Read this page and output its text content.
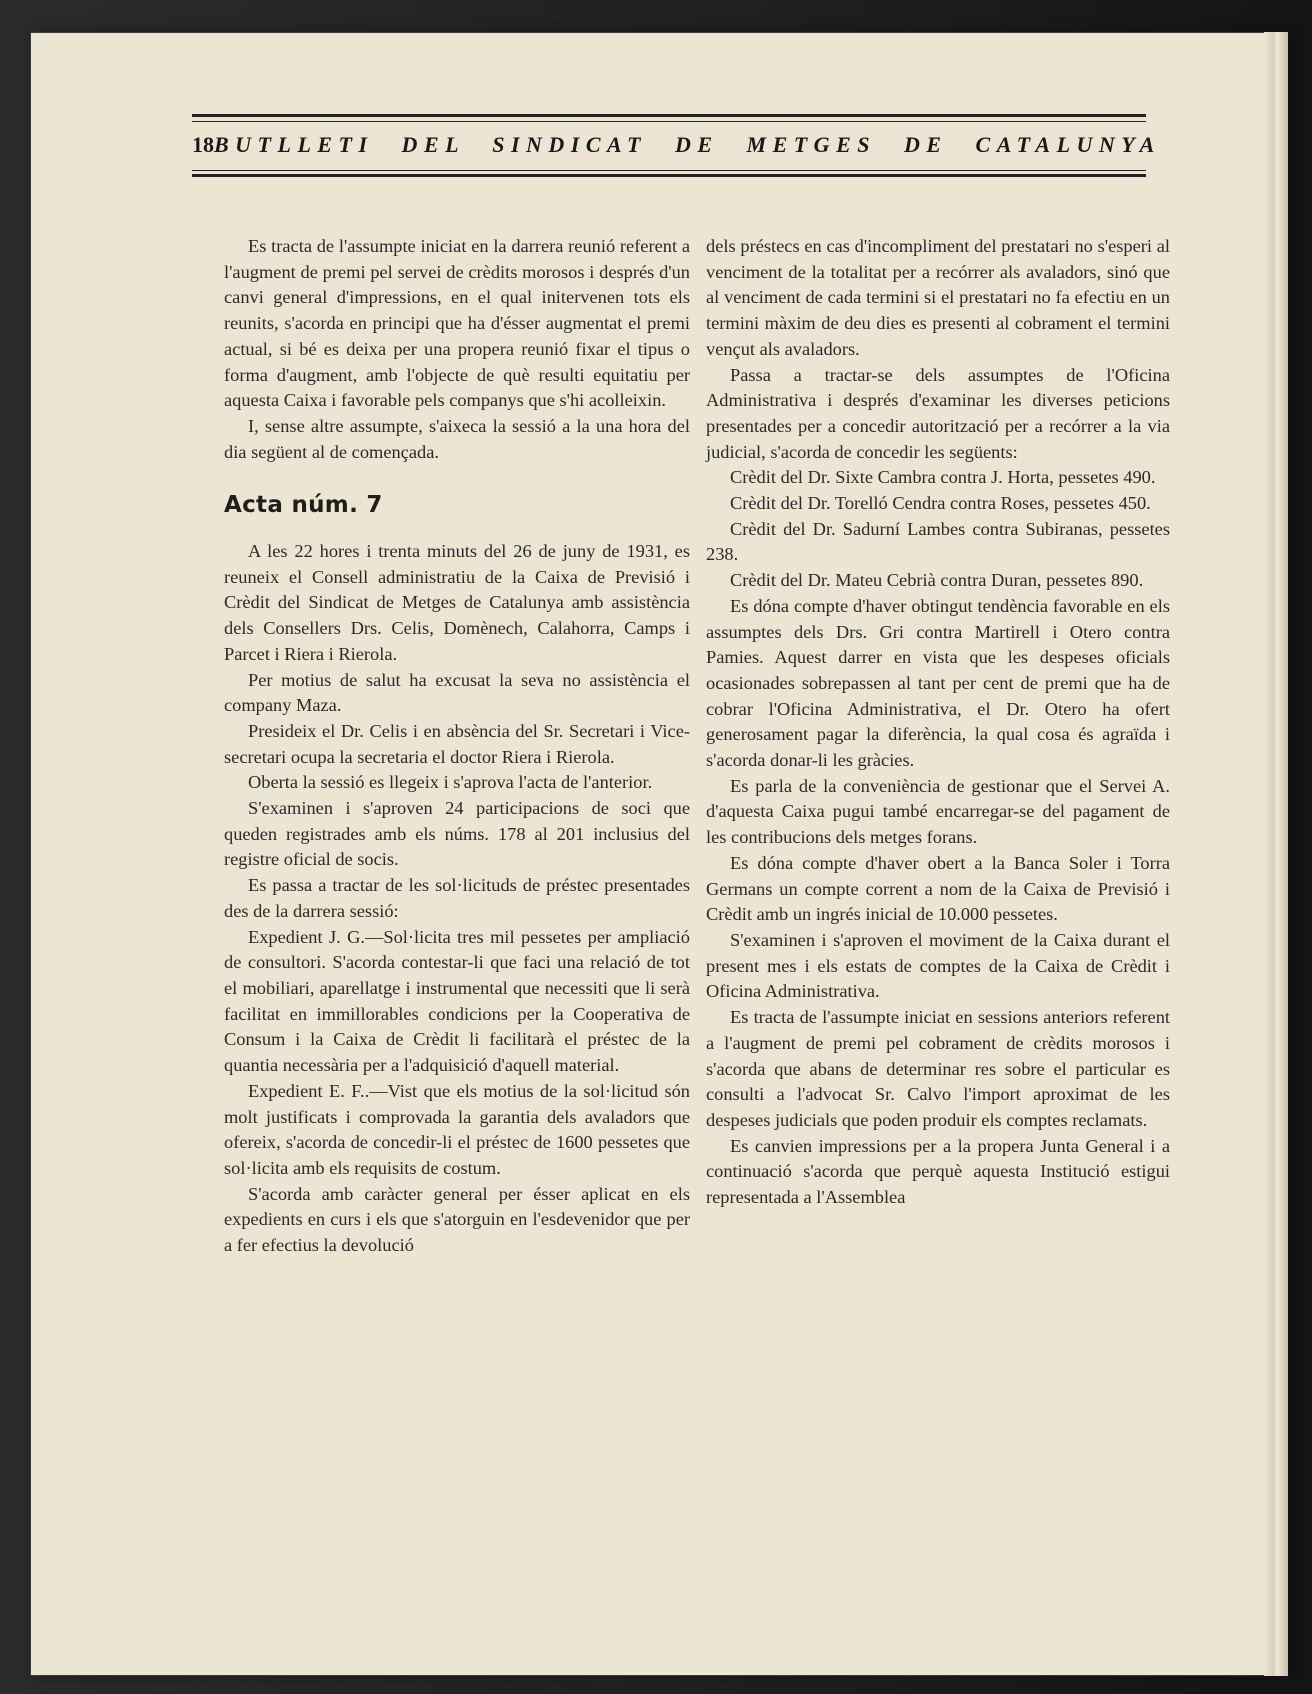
18 BUTLLETI DEL SINDICAT DE METGES DE CATALUNYA

Es tracta de l'assumpte iniciat en la darrera reunió referent a l'augment de premi pel servei de crèdits morosos i després d'un canvi general d'impressions, en el qual initervenen tots els reunits, s'acorda en principi que ha d'ésser augmentat el premi actual, si bé es deixa per una propera reunió fixar el tipus o forma d'augment, amb l'objecte de què resulti equitatiu per aquesta Caixa i favorable pels companys que s'hi acolleixin.

I, sense altre assumpte, s'aixeca la sessió a la una hora del dia següent al de començada.

Acta núm. 7

A les 22 hores i trenta minuts del 26 de juny de 1931, es reuneix el Consell administratiu de la Caixa de Previsió i Crèdit del Sindicat de Metges de Catalunya amb assistència dels Consellers Drs. Celis, Domènech, Calahorra, Camps i Parcet i Riera i Rierola.

Per motius de salut ha excusat la seva no assistència el company Maza.

Presideix el Dr. Celis i en absència del Sr. Secretari i Vice-secretari ocupa la secretaria el doctor Riera i Rierola.

Oberta la sessió es llegeix i s'aprova l'acta de l'anterior.

S'examinen i s'aproven 24 participacions de soci que queden registrades amb els núms. 178 al 201 inclusius del registre oficial de socis.

Es passa a tractar de les sol·licituds de préstec presentades des de la darrera sessió:

Expedient J. G.—Sol·licita tres mil pessetes per ampliació de consultori. S'acorda contestar-li que faci una relació de tot el mobiliari, aparellatge i instrumental que necessiti que li serà facilitat en immillorables condicions per la Cooperativa de Consum i la Caixa de Crèdit li facilitarà el préstec de la quantia necessària per a l'adquisició d'aquell material.

Expedient E. F..—Vist que els motius de la sol·licitud són molt justificats i comprovada la garantia dels avaladors que ofereix, s'acorda de concedir-li el préstec de 1600 pessetes que sol·licita amb els requisits de costum.

S'acorda amb caràcter general per ésser aplicat en els expedients en curs i els que s'atorguin en l'esdevenidor que per a fer efectius la devolució

dels préstecs en cas d'incompliment del prestatari no s'esperi al venciment de la totalitat per a recórrer als avaladors, sinó que al venciment de cada termini si el prestatari no fa efectiu en un termini màxim de deu dies es presenti al cobrament el termini vençut als avaladors.

Passa a tractar-se dels assumptes de l'Oficina Administrativa i després d'examinar les diverses peticions presentades per a concedir autorització per a recórrer a la via judicial, s'acorda de concedir les següents:

Crèdit del Dr. Sixte Cambra contra J. Horta, pessetes 490.

Crèdit del Dr. Torelló Cendra contra Roses, pessetes 450.

Crèdit del Dr. Sadurní Lambes contra Subiranas, pessetes 238.

Crèdit del Dr. Mateu Cebrià contra Duran, pessetes 890.

Es dóna compte d'haver obtingut tendència favorable en els assumptes dels Drs. Gri contra Martirell i Otero contra Pamies. Aquest darrer en vista que les despeses oficials ocasionades sobrepassen al tant per cent de premi que ha de cobrar l'Oficina Administrativa, el Dr. Otero ha ofert generosament pagar la diferència, la qual cosa és agraïda i s'acorda donar-li les gràcies.

Es parla de la conveniència de gestionar que el Servei A. d'aquesta Caixa pugui també encarregar-se del pagament de les contribucions dels metges forans.

Es dóna compte d'haver obert a la Banca Soler i Torra Germans un compte corrent a nom de la Caixa de Previsió i Crèdit amb un ingrés inicial de 10.000 pessetes.

S'examinen i s'aproven el moviment de la Caixa durant el present mes i els estats de comptes de la Caixa de Crèdit i Oficina Administrativa.

Es tracta de l'assumpte iniciat en sessions anteriors referent a l'augment de premi pel cobrament de crèdits morosos i s'acorda que abans de determinar res sobre el particular es consulti a l'advocat Sr. Calvo l'import aproximat de les despeses judicials que poden produir els comptes reclamats.

Es canvien impressions per a la propera Junta General i a continuació s'acorda que perquè aquesta Institució estigui representada a l'Assemblea
